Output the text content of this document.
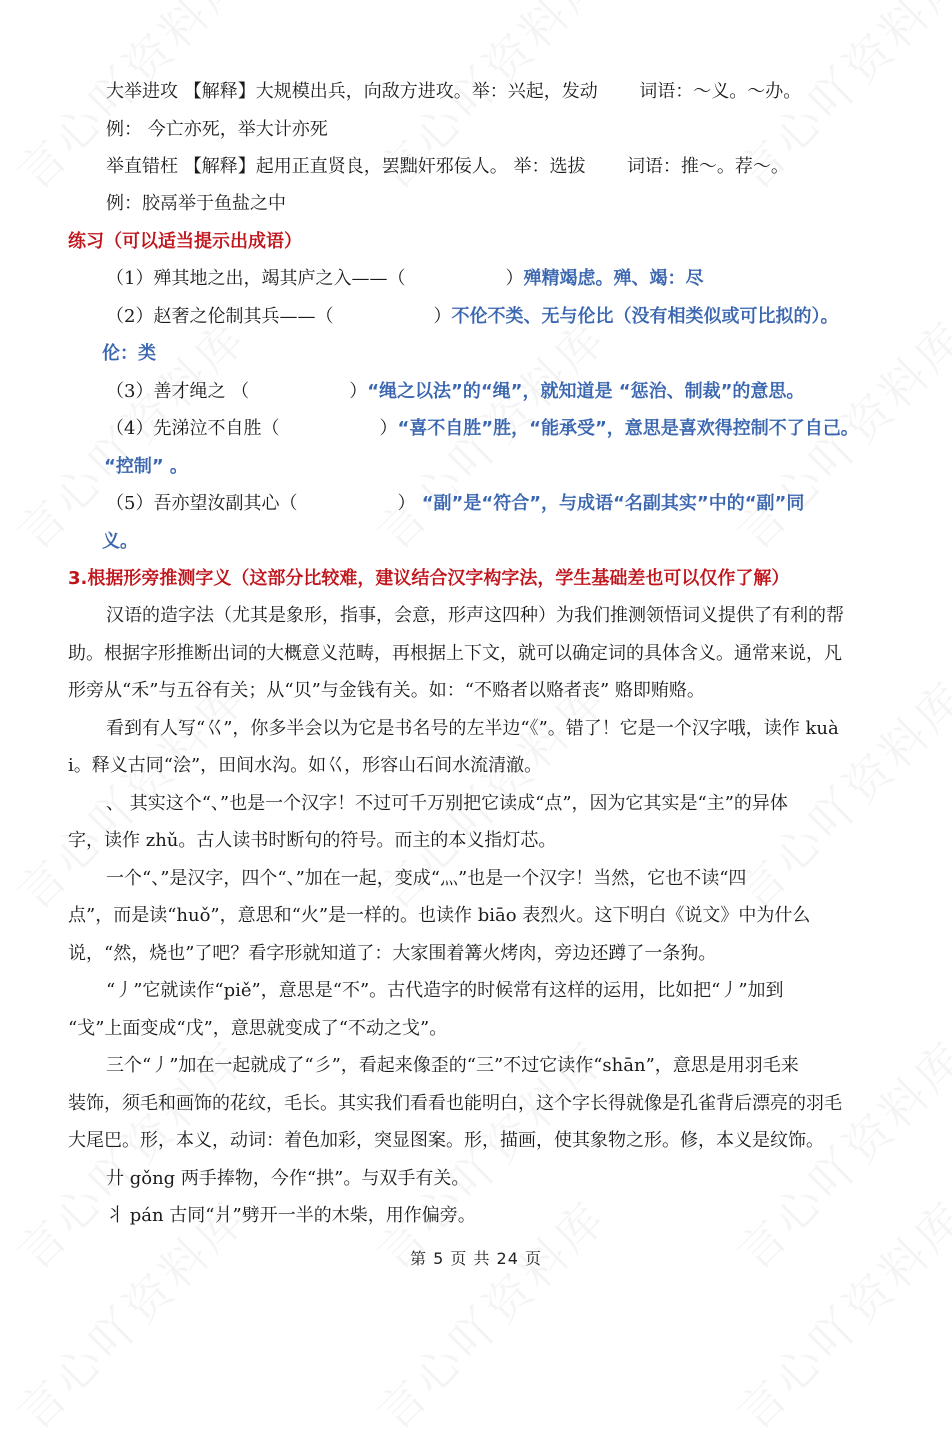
大举进攻 【解释】大规模出兵，向敌方进攻。举：兴起，发动 词语：～义。～办。
例： 今亡亦死，举大计亦死
举直错枉 【解释】起用正直贤良，罢黜奸邪佞人。 举：选拔 词语：推～。荐～。
例：胶鬲举于鱼盐之中
练习（可以适当提示出成语）
（1）殚其地之出，竭其庐之入——（	）殚精竭虑。殚、竭：尽
（2）赵奢之伦制其兵——（	）不伦不类、无与伦比（没有相类似或可比拟的）。
伦：类
（3）善才绳之 （	）“绳之以法”的“绳”，就知道是 “惩治、制裁”的意思。
（4）先涕泣不自胜（	）“喜不自胜”胜，“能承受”，意思是喜欢得控制不了自己。
“控制” 。
（5）吾亦望汝副其心（	） “副”是“符合”，与成语“名副其实”中的“副”同
义。
3.根据形旁推测字义（这部分比较难，建议结合汉字构字法，学生基础差也可以仅作了解）
汉语的造字法（尤其是象形，指事，会意，形声这四种）为我们推测领悟词义提供了有利的帮
助。根据字形推断出词的大概意义范畴，再根据上下文，就可以确定词的具体含义。通常来说，凡
形旁从“禾”与五谷有关；从“贝”与金钱有关。如：“不赂者以赂者丧” 赂即贿赂。
看到有人写“巜”，你多半会以为它是书名号的左半边“《”。错了！它是一个汉字哦，读作 kuà
i。释义古同“浍”，田间水沟。如巜，形容山石间水流清澈。
、 其实这个“、”也是一个汉字！不过可千万别把它读成“点”，因为它其实是“主”的异体
字，读作 zhǔ。古人读书时断句的符号。而主的本义指灯芯。
一个“、”是汉字，四个“、”加在一起，变成“灬”也是一个汉字！当然，它也不读“四
点”，而是读“huǒ”，意思和“火”是一样的。也读作 biāo 表烈火。这下明白《说文》中为什么
说，“然，烧也”了吧？看字形就知道了：大家围着篝火烤肉，旁边还蹲了一条狗。
“丿”它就读作“piě”，意思是“不”。古代造字的时候常有这样的运用，比如把“丿”加到
“戈”上面变成“戊”，意思就变成了“不动之戈”。
三个“丿”加在一起就成了“彡”，看起来像歪的“三”不过它读作“shān”，意思是用羽毛来
装饰，须毛和画饰的花纹，毛长。其实我们看看也能明白，这个字长得就像是孔雀背后漂亮的羽毛
大尾巴。形，本义，动词：着色加彩，突显图案。形，描画，使其象物之形。修，本义是纹饰。
廾 gǒng 两手捧物，今作“拱”。与双手有关。
丬 pán 古同“爿”劈开一半的木柴，用作偏旁。
第 5 页 共 24 页
